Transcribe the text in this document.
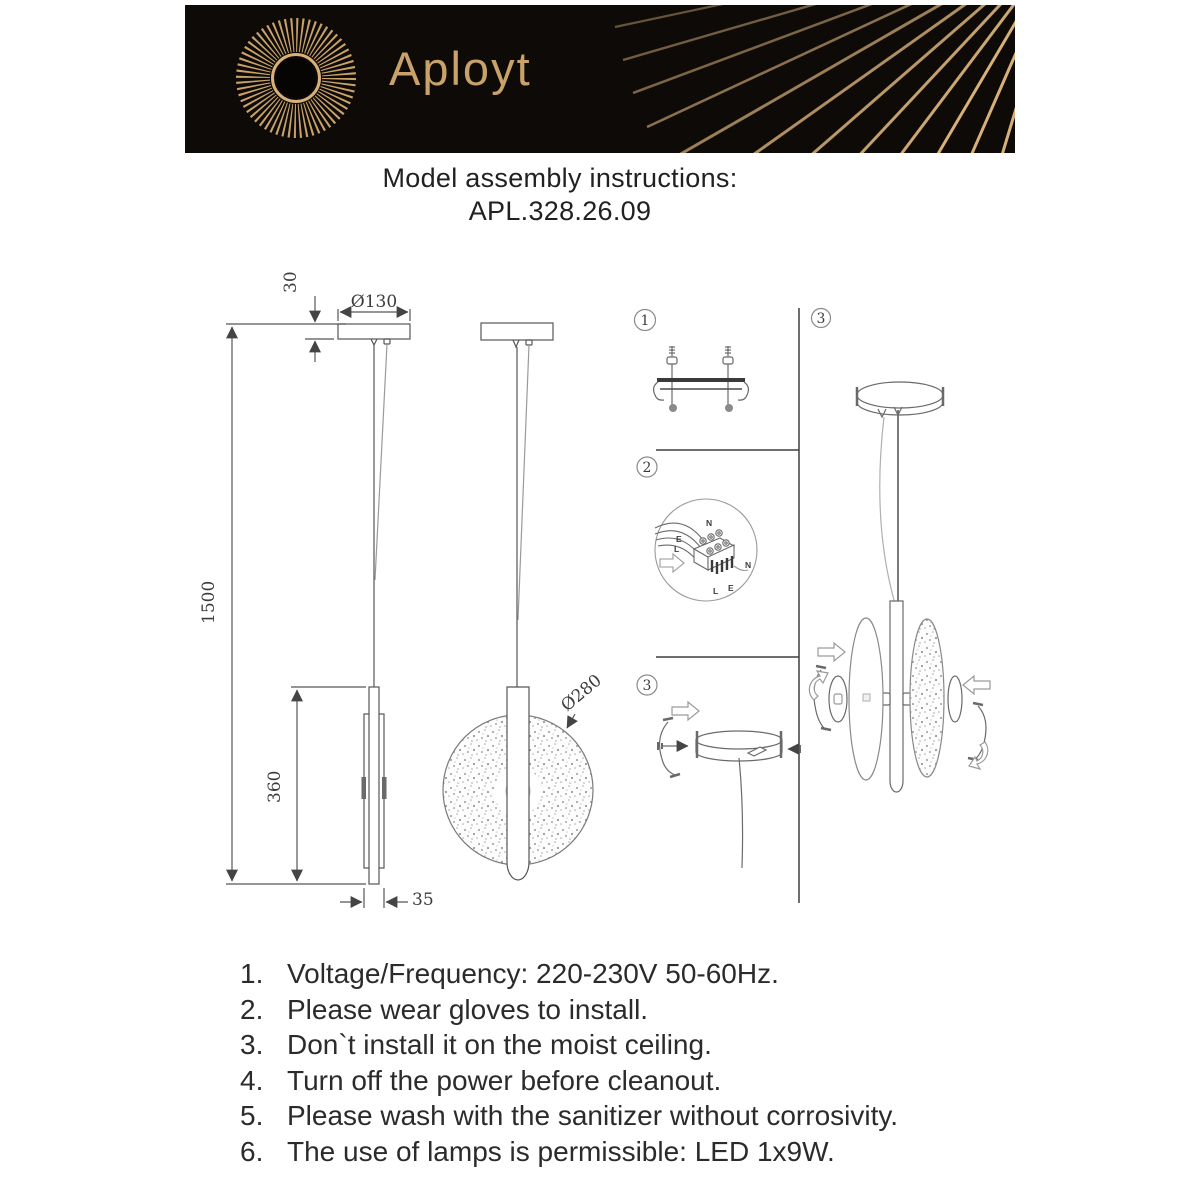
Aployt
Model assembly instructions:
APL.328.26.09
30
Ø130
1500
360
35
Ø280
1
2
3
3
N
E
L
N
L E
1. Voltage/Frequency: 220-230V 50-60Hz.
2. Please wear gloves to install.
3. Don`t install it on the moist ceiling.
4. Turn off the power before cleanout.
5. Please wash with the sanitizer without corrosivity.
6. The use of lamps is permissible: LED 1x9W.
